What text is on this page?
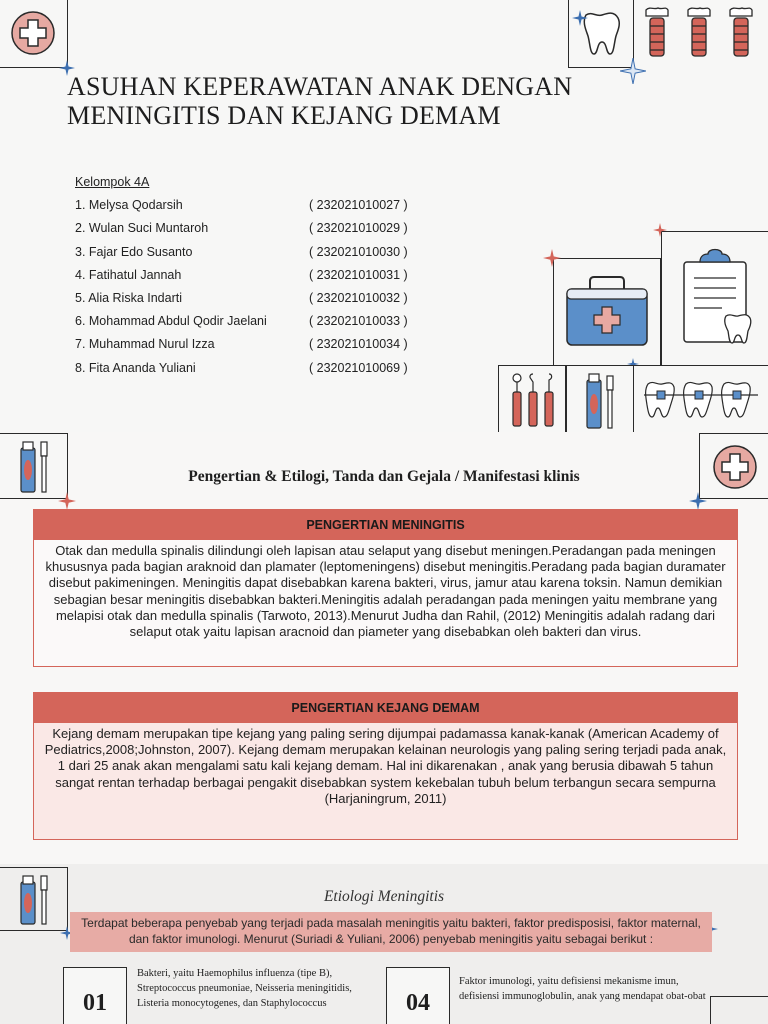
ASUHAN KEPERAWATAN ANAK DENGAN
MENINGITIS DAN KEJANG DEMAM
Kelompok 4A
1. Melysa Qodarsih	( 232021010027 )
2. Wulan Suci Muntaroh	( 232021010029 )
3. Fajar Edo Susanto	( 232021010030 )
4. Fatihatul Jannah	( 232021010031 )
5. Alia Riska Indarti	( 232021010032 )
6. Mohammad Abdul Qodir Jaelani	( 232021010033 )
7. Muhammad Nurul Izza	( 232021010034 )
8. Fita Ananda Yuliani	( 232021010069 )
Pengertian & Etilogi, Tanda dan Gejala / Manifestasi klinis
PENGERTIAN MENINGITIS
Otak dan medulla spinalis dilindungi oleh lapisan atau selaput yang disebut meningen.Peradangan pada meningen khususnya pada bagian araknoid dan plamater (leptomeningens) disebut meningitis.Peradang pada bagian duramater disebut pakimeningen. Meningitis dapat disebabkan karena bakteri, virus, jamur atau karena toksin. Namun demikian sebagian besar meningitis disebabkan bakteri.Meningitis adalah peradangan pada meningen yaitu membrane yang melapisi otak dan medulla spinalis (Tarwoto, 2013).Menurut Judha dan Rahil, (2012) Meningitis adalah radang dari selaput otak yaitu lapisan aracnoid dan piameter yang disebabkan oleh bakteri dan virus.
PENGERTIAN KEJANG DEMAM
Kejang demam merupakan tipe kejang yang paling sering dijumpai padamassa kanak-kanak (American Academy of Pediatrics,2008;Johnston, 2007). Kejang demam merupakan kelainan neurologis yang paling sering terjadi pada anak, 1 dari 25 anak akan mengalami satu kali kejang demam. Hal ini dikarenakan , anak yang berusia dibawah 5 tahun sangat rentan terhadap berbagai pengakit disebabkan system kekebalan tubuh belum terbangun secara sempurna (Harjaningrum, 2011)
Etiologi Meningitis
Terdapat beberapa penyebab yang terjadi pada masalah meningitis yaitu bakteri, faktor predisposisi, faktor maternal, dan faktor imunologi. Menurut (Suriadi & Yuliani, 2006) penyebab meningitis yaitu sebagai berikut :
01
Bakteri, yaitu Haemophilus influenza (tipe B), Streptococcus pneumoniae, Neisseria meningitidis, Listeria monocytogenes, dan Staphylococcus	04
Faktor imunologi, yaitu defisiensi mekanisme imun, defisiensi immunoglobulin, anak yang mendapat obat-obat
